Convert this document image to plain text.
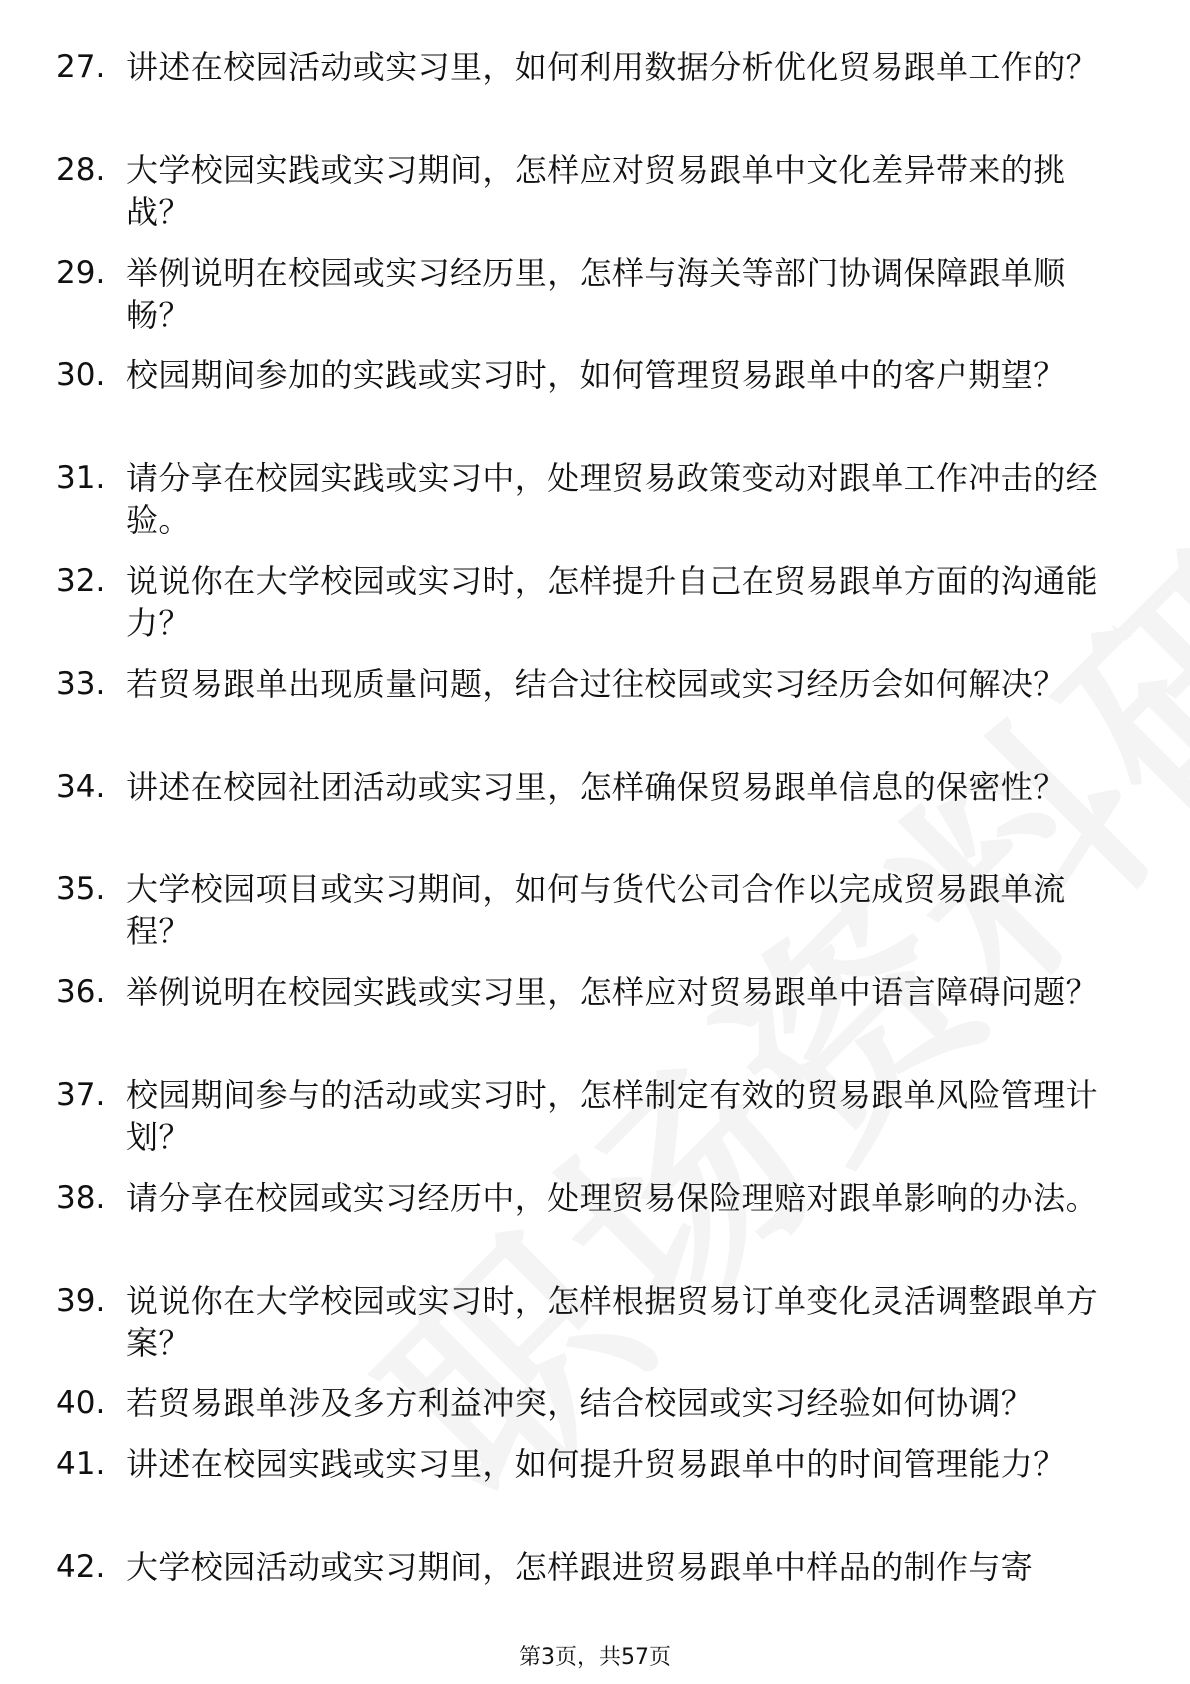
27. 讲述在校园活动或实习里，如何利用数据分析优化贸易跟单工作的？
28. 大学校园实践或实习期间，怎样应对贸易跟单中文化差异带来的挑战？
29. 举例说明在校园或实习经历里，怎样与海关等部门协调保障跟单顺畅？
30. 校园期间参加的实践或实习时，如何管理贸易跟单中的客户期望？
31. 请分享在校园实践或实习中，处理贸易政策变动对跟单工作冲击的经验。
32. 说说你在大学校园或实习时，怎样提升自己在贸易跟单方面的沟通能力？
33. 若贸易跟单出现质量问题，结合过往校园或实习经历会如何解决？
34. 讲述在校园社团活动或实习里，怎样确保贸易跟单信息的保密性？
35. 大学校园项目或实习期间，如何与货代公司合作以完成贸易跟单流程？
36. 举例说明在校园实践或实习里，怎样应对贸易跟单中语言障碍问题？
37. 校园期间参与的活动或实习时，怎样制定有效的贸易跟单风险管理计划？
38. 请分享在校园或实习经历中，处理贸易保险理赔对跟单影响的办法。
39. 说说你在大学校园或实习时，怎样根据贸易订单变化灵活调整跟单方案？
40. 若贸易跟单涉及多方利益冲突，结合校园或实习经验如何协调？
41. 讲述在校园实践或实习里，如何提升贸易跟单中的时间管理能力？
42. 大学校园活动或实习期间，怎样跟进贸易跟单中样品的制作与寄
第3页，共57页
